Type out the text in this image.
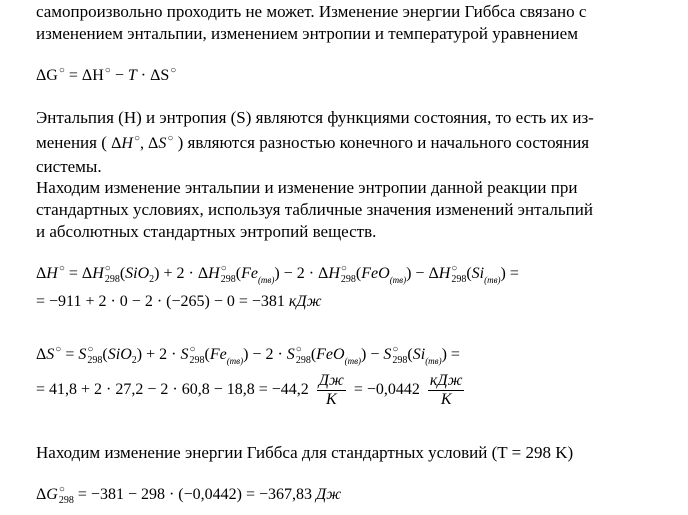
самопроизвольно проходить не может. Изменение энергии Гиббса связано с
изменением энтальпии, изменением энтропии и температурой уравнением
ΔG○ = ΔH○ − T · ΔS○
Энтальпия (H) и энтропия (S) являются функциями состояния, то есть их из-
менения ( ΔH○, ΔS○ ) являются разностью конечного и начального состояния
системы.
Находим изменение энтальпии и изменение энтропии данной реакции при
стандартных условиях, используя табличные значения изменений энтальпий
и абсолютных стандартных энтропий веществ.
$\Delta H^○ = \Delta H^○_{298}(SiO_2) + 2 \cdot \Delta H^○_{298}(Fe_{(тв)}) - 2 \cdot \Delta H^○_{298}(FeO_{(тв)}) - \Delta H^○_{298}(Si_{(тв)})$ =
= −911 + 2 · 0 − 2 · (−265) − 0 = −381 кДж
$\Delta S^○ = S^○_{298}(SiO_2) + 2 \cdot S^○_{298}(Fe_{(тв)}) - 2 \cdot S^○_{298}(FeO_{(тв)}) - S^○_{298}(Si_{(тв)})$ =
= $41,8 + 2 \cdot 27,2 - 2 \cdot 60,8 - 18,8 = -44,2 \frac{Дж}{К} = -0,0442 \frac{\text{кДж}}{К}$
Находим изменение энергии Гиббса для стандартных условий (T = 298 K)
$\Delta G^○_{298} = -381 - 298 \cdot (-0,0442) = -367,83$ Дж
